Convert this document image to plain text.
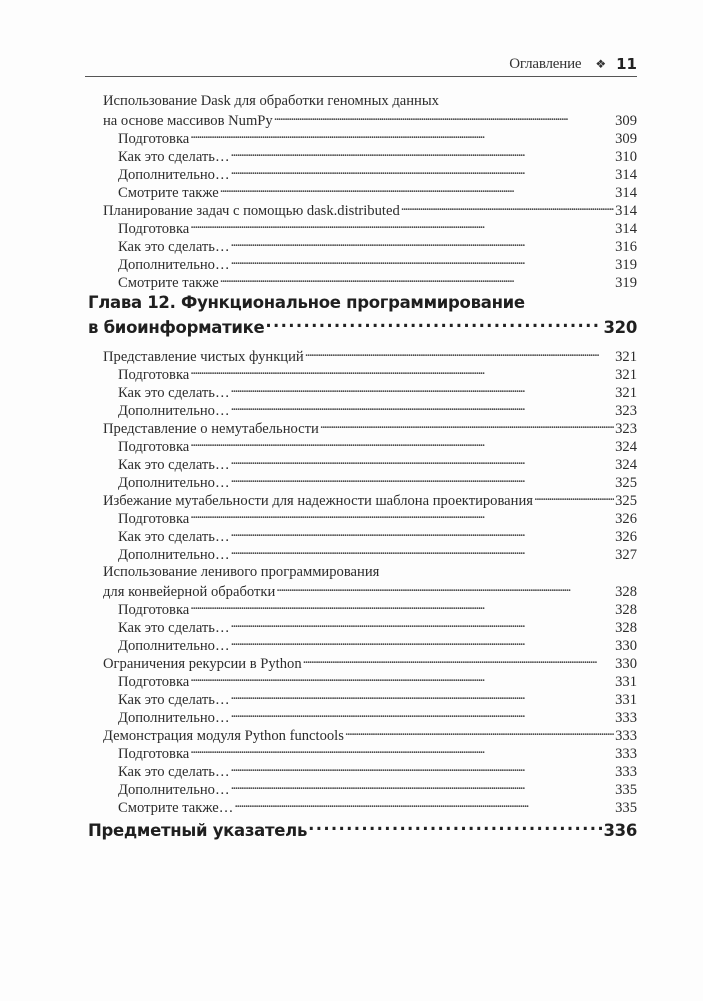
Оглавление ❖ 11
Использование Dask для обработки геномных данных
на основе массивов NumPy . . .	309
Подготовка . . .	309
Как это сделать… . . .	310
Дополнительно… . . .	314
Смотрите также . . .	314
Планирование задач с помощью dask.distributed . . .	314
Подготовка . . .	314
Как это сделать… . . .	316
Дополнительно… . . .	319
Смотрите также . . .	319
Глава 12. Функциональное программирование
в биоинформатике . . .	320
Представление чистых функций . . .	321
Подготовка . . .	321
Как это сделать… . . .	321
Дополнительно… . . .	323
Представление о немутабельности . . .	323
Подготовка . . .	324
Как это сделать… . . .	324
Дополнительно… . . .	325
Избежание мутабельности для надежности шаблона проектирования . . .	325
Подготовка . . .	326
Как это сделать… . . .	326
Дополнительно… . . .	327
Использование ленивого программирования
для конвейерной обработки . . .	328
Подготовка . . .	328
Как это сделать… . . .	328
Дополнительно… . . .	330
Ограничения рекурсии в Python . . .	330
Подготовка . . .	331
Как это сделать… . . .	331
Дополнительно… . . .	333
Демонстрация модуля Python functools . . .	333
Подготовка . . .	333
Как это сделать… . . .	333
Дополнительно… . . .	335
Смотрите также… . . .	335
Предметный указатель . . .	336
